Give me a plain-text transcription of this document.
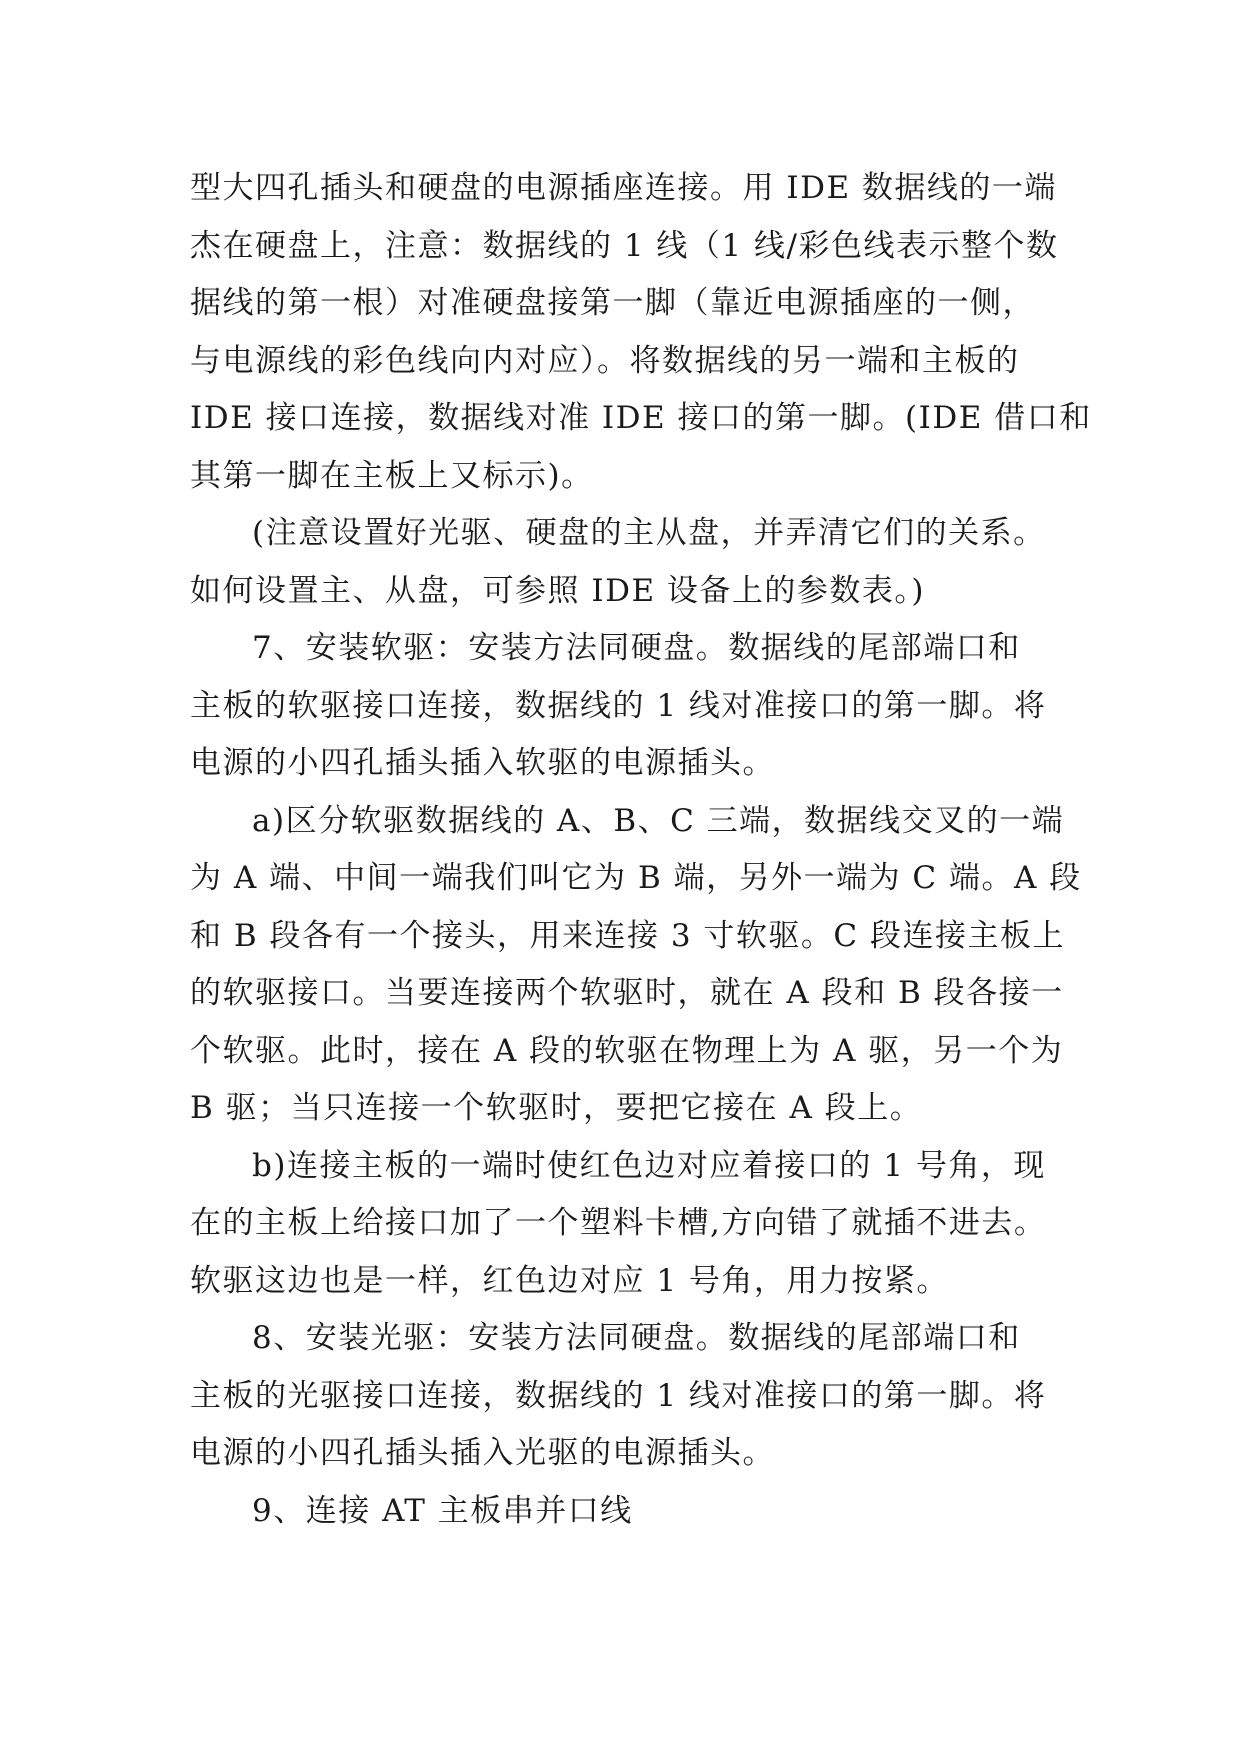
型大四孔插头和硬盘的电源插座连接。用 IDE 数据线的一端
杰在硬盘上，注意：数据线的 1 线（1 线/彩色线表示整个数
据线的第一根）对准硬盘接第一脚（靠近电源插座的一侧，
与电源线的彩色线向内对应）。将数据线的另一端和主板的
IDE 接口连接，数据线对准 IDE 接口的第一脚。(IDE 借口和
其第一脚在主板上又标示)。

(注意设置好光驱、硬盘的主从盘，并弄清它们的关系。
如何设置主、从盘，可参照 IDE 设备上的参数表。)

7、安装软驱：安装方法同硬盘。数据线的尾部端口和
主板的软驱接口连接，数据线的 1 线对准接口的第一脚。将
电源的小四孔插头插入软驱的电源插头。

a)区分软驱数据线的 A、B、C 三端，数据线交叉的一端
为 A 端、中间一端我们叫它为 B 端，另外一端为 C 端。A 段
和 B 段各有一个接头，用来连接 3 寸软驱。C 段连接主板上
的软驱接口。当要连接两个软驱时，就在 A 段和 B 段各接一
个软驱。此时，接在 A 段的软驱在物理上为 A 驱，另一个为
B 驱；当只连接一个软驱时，要把它接在 A 段上。

b)连接主板的一端时使红色边对应着接口的 1 号角，现
在的主板上给接口加了一个塑料卡槽,方向错了就插不进去。
软驱这边也是一样，红色边对应 1 号角，用力按紧。

8、安装光驱：安装方法同硬盘。数据线的尾部端口和
主板的光驱接口连接，数据线的 1 线对准接口的第一脚。将
电源的小四孔插头插入光驱的电源插头。

9、连接 AT 主板串并口线
